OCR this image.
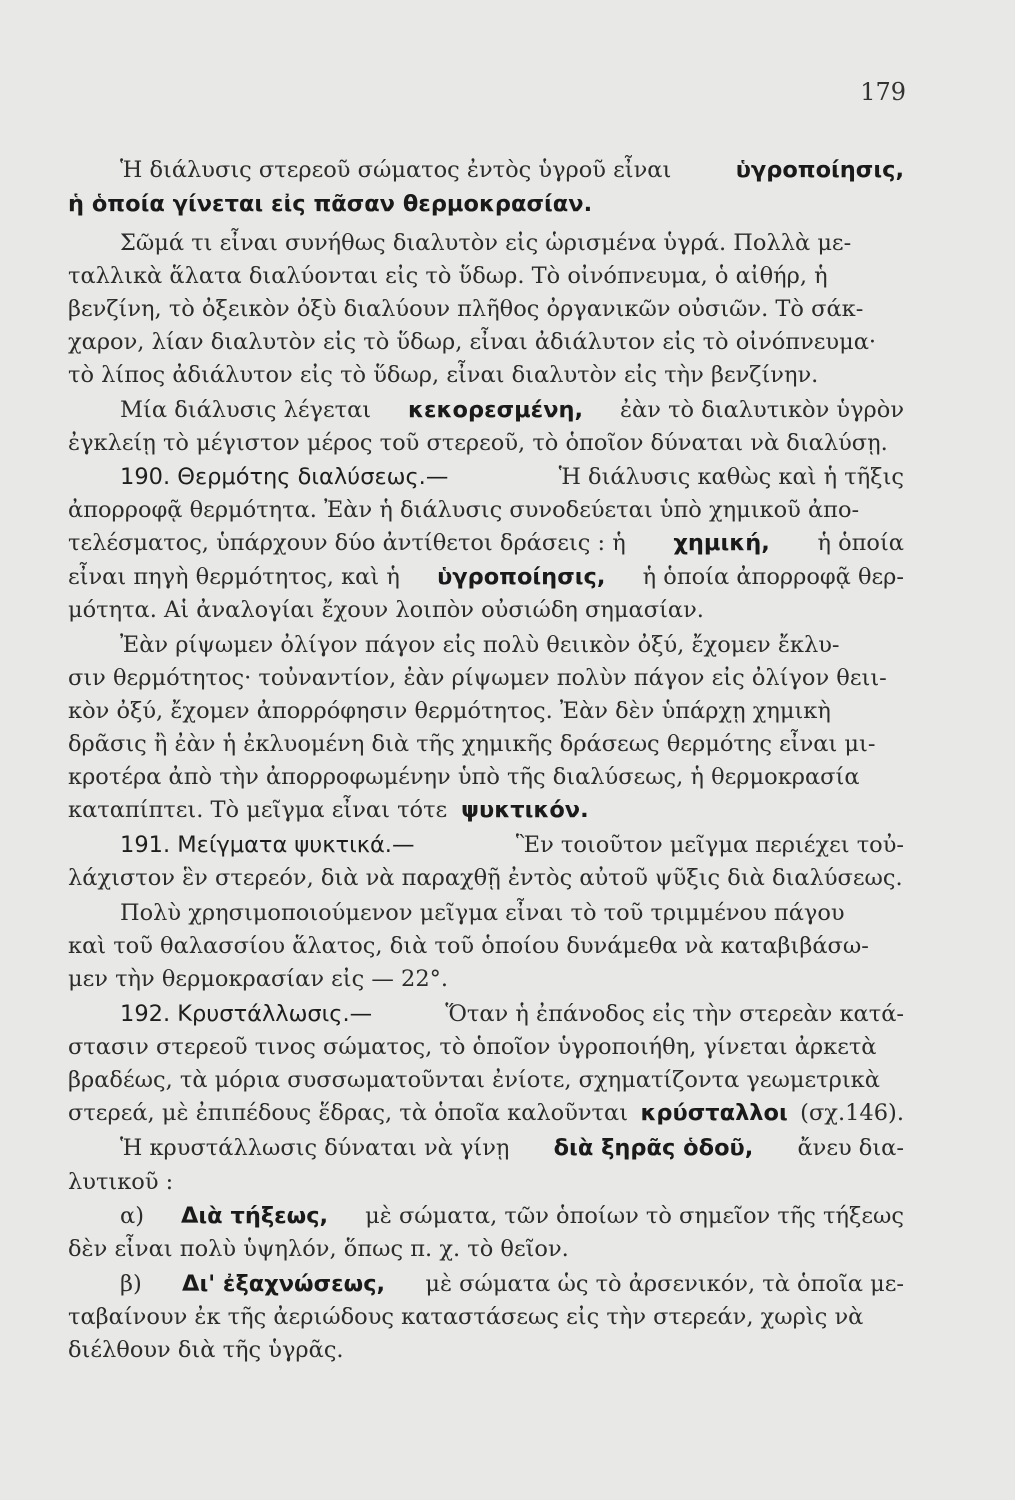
179
Ἡ διάλυσις στερεοῦ σώματος ἐντὸς ὑγροῦ εἶναι	ὑγροποίησις,
ἡ ὁποία γίνεται εἰς πᾶσαν θερμοκρασίαν.
Σῶμά τι εἶναι συνήθως διαλυτὸν εἰς ὡρισμένα ὑγρά. Πολλὰ με-
ταλλικὰ ἅλατα διαλύονται εἰς τὸ ὕδωρ. Τὸ οἰνόπνευμα, ὁ αἰθήρ, ἡ
βενζίνη, τὸ ὀξεικὸν ὀξὺ διαλύουν πλῆθος ὀργανικῶν οὐσιῶν. Τὸ σάκ-
χαρον, λίαν διαλυτὸν εἰς τὸ ὕδωρ, εἶναι ἀδιάλυτον εἰς τὸ οἰνόπνευμα·
τὸ λίπος ἀδιάλυτον εἰς τὸ ὕδωρ, εἶναι διαλυτὸν εἰς τὴν βενζίνην.
Μία διάλυσις λέγεται κεκορεσμένη, ἐὰν τὸ διαλυτικὸν ὑγρὸν
ἐγκλείῃ τὸ μέγιστον μέρος τοῦ στερεοῦ, τὸ ὁποῖον δύναται νὰ διαλύσῃ.
190. Θερμότης διαλύσεως.—	Ἡ διάλυσις καθὼς καὶ ἡ τῆξις
ἀπορροφᾷ θερμότητα. Ἐὰν ἡ διάλυσις συνοδεύεται ὑπὸ χημικοῦ ἀπο-
τελέσματος, ὑπάρχουν δύο ἀντίθετοι δράσεις : ἡ χημική, ἡ ὁποία
εἶναι πηγὴ θερμότητος, καὶ ἡ ὑγροποίησις, ἡ ὁποία ἀπορροφᾷ θερ-
μότητα. Αἱ ἀναλογίαι ἔχουν λοιπὸν οὐσιώδη σημασίαν.
Ἐὰν ρίψωμεν ὀλίγον πάγον εἰς πολὺ θειικὸν ὀξύ, ἔχομεν ἔκλυ-
σιν θερμότητος· τοὐναντίον, ἐὰν ρίψωμεν πολὺν πάγον εἰς ὀλίγον θειι-
κὸν ὀξύ, ἔχομεν ἀπορρόφησιν θερμότητος. Ἐὰν δὲν ὑπάρχῃ χημικὴ
δρᾶσις ἢ ἐὰν ἡ ἐκλυομένη διὰ τῆς χημικῆς δράσεως θερμότης εἶναι μι-
κροτέρα ἀπὸ τὴν ἀπορροφωμένην ὑπὸ τῆς διαλύσεως, ἡ θερμοκρασία
καταπίπτει. Τὸ μεῖγμα εἶναι τότε ψυκτικόν.
191. Μείγματα ψυκτικά.—	Ἓν τοιοῦτον μεῖγμα περιέχει τοὐ-
λάχιστον ἓν στερεόν, διὰ νὰ παραχθῇ ἐντὸς αὐτοῦ ψῦξις διὰ διαλύσεως.
Πολὺ χρησιμοποιούμενον μεῖγμα εἶναι τὸ τοῦ τριμμένου πάγου
καὶ τοῦ θαλασσίου ἅλατος, διὰ τοῦ ὁποίου δυνάμεθα νὰ καταβιβάσω-
μεν τὴν θερμοκρασίαν εἰς — 22°.
192. Κρυστάλλωσις.—	Ὅταν ἡ ἐπάνοδος εἰς τὴν στερεὰν κατά-
στασιν στερεοῦ τινος σώματος, τὸ ὁποῖον ὑγροποιήθη, γίνεται ἀρκετὰ
βραδέως, τὰ μόρια συσσωματοῦνται ἐνίοτε, σχηματίζοντα γεωμετρικὰ
στερεά, μὲ ἐπιπέδους ἕδρας, τὰ ὁποῖα καλοῦνται κρύσταλλοι (σχ.146).
Ἡ κρυστάλλωσις δύναται νὰ γίνῃ διὰ ξηρᾶς ὁδοῦ, ἄνευ δια-
λυτικοῦ :
α) Διὰ τήξεως, μὲ σώματα, τῶν ὁποίων τὸ σημεῖον τῆς τήξεως
δὲν εἶναι πολὺ ὑψηλόν, ὅπως π. χ. τὸ θεῖον.
β) Δι' ἐξαχνώσεως, μὲ σώματα ὡς τὸ ἀρσενικόν, τὰ ὁποῖα με-
ταβαίνουν ἐκ τῆς ἀεριώδους καταστάσεως εἰς τὴν στερεάν, χωρὶς νὰ
διέλθουν διὰ τῆς ὑγρᾶς.
